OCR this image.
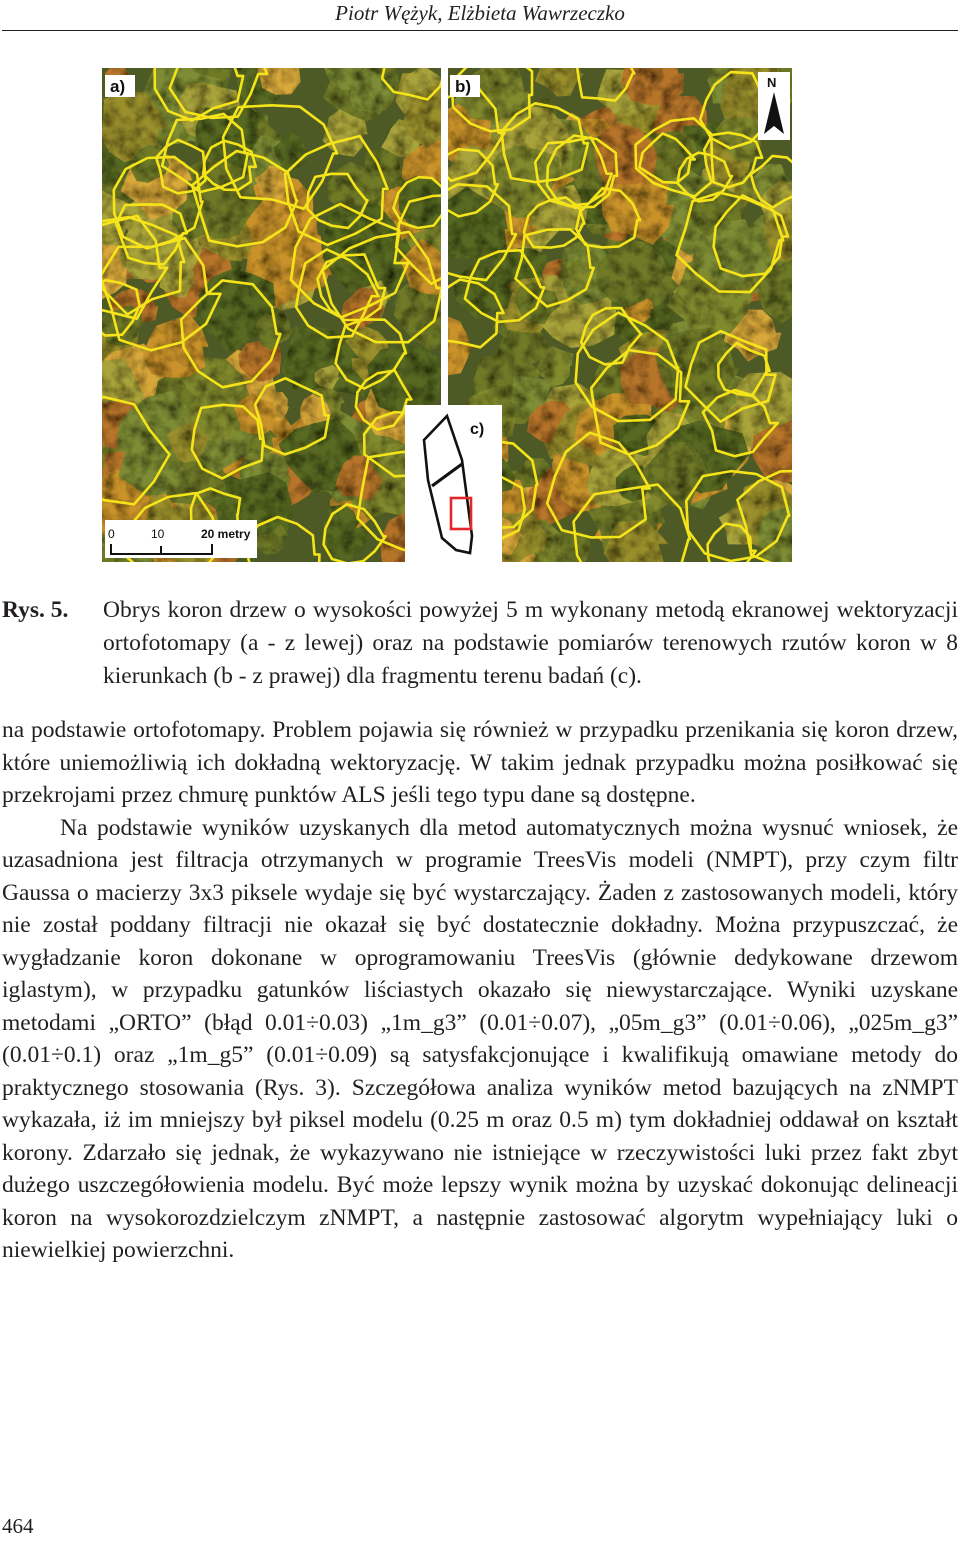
Piotr Wężyk, Elżbieta Wawrzeczko
a)	b)	N
0	10	20 metry
c)
Rys. 5. Obrys koron drzew o wysokości powyżej 5 m wykonany metodą ekranowej wektoryzacji ortofotomapy (a - z lewej) oraz na podstawie pomiarów terenowych rzutów koron w 8 kierunkach (b - z prawej) dla fragmentu terenu badań (c).

na podstawie ortofotomapy. Problem pojawia się również w przypadku przenikania się koron drzew, które uniemożliwią ich dokładną wektoryzację. W takim jednak przypadku można posiłkować się przekrojami przez chmurę punktów ALS jeśli tego typu dane są dostępne.

Na podstawie wyników uzyskanych dla metod automatycznych można wysnuć wniosek, że uzasadniona jest filtracja otrzymanych w programie TreesVis modeli (NMPT), przy czym filtr Gaussa o macierzy 3x3 piksele wydaje się być wystarczający. Żaden z zastosowanych modeli, który nie został poddany filtracji nie okazał się być dostatecznie dokładny. Można przypuszczać, że wygładzanie koron dokonane w oprogramowaniu TreesVis (głównie dedykowane drzewom iglastym), w przypadku gatunków liściastych okazało się niewystarczające. Wyniki uzyskane metodami „ORTO” (błąd 0.01÷0.03) „1m_g3” (0.01÷0.07), „05m_g3” (0.01÷0.06), „025m_g3” (0.01÷0.1) oraz „1m_g5” (0.01÷0.09) są satysfakcjonujące i kwalifikują omawiane metody do praktycznego stosowania (Rys. 3). Szczegółowa analiza wyników metod bazujących na zNMPT wykazała, iż im mniejszy był piksel modelu (0.25 m oraz 0.5 m) tym dokładniej oddawał on kształt korony. Zdarzało się jednak, że wykazywano nie istniejące w rzeczywistości luki przez fakt zbyt dużego uszczegółowienia modelu. Być może lepszy wynik można by uzyskać dokonując delineacji koron na wysokorozdzielczym zNMPT, a następnie zastosować algorytm wypełniający luki o niewielkiej powierzchni.

464
